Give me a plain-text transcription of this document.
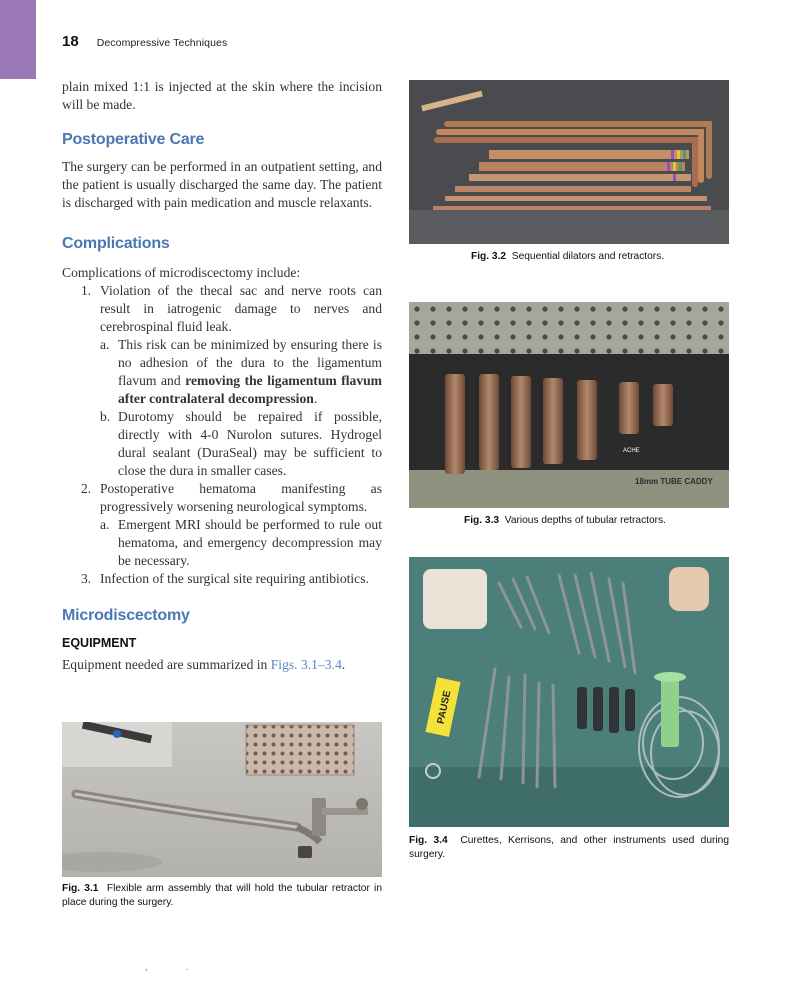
18 Decompressive Techniques

plain mixed 1:1 is injected at the skin where the incision will be made.

Postoperative Care

The surgery can be performed in an outpatient setting, and the patient is usually discharged the same day. The patient is discharged with pain medication and muscle relaxants.

Complications

Complications of microdiscectomy include:

1. Violation of the thecal sac and nerve roots can result in iatrogenic damage to nerves and cerebrospinal fluid leak.
a. This risk can be minimized by ensuring there is no adhesion of the dura to the ligamentum flavum and removing the ligamentum flavum after contralateral decompression.
b. Durotomy should be repaired if possible, directly with 4-0 Nurolon sutures. Hydrogel dural sealant (DuraSeal) may be sufficient to close the dura in smaller cases.
2. Postoperative hematoma manifesting as progressively worsening neurological symptoms.
a. Emergent MRI should be performed to rule out hematoma, and emergency decompression may be necessary.
3. Infection of the surgical site requiring antibiotics.
Microdiscectomy
EQUIPMENT

Equipment needed are summarized in Figs. 3.1–3.4.

Fig. 3.1 Flexible arm assembly that will hold the tubular retractor in place during the surgery.
Fig. 3.2 Sequential dilators and retractors.
ACHE
18mm TUBE CADDY
Fig. 3.3 Various depths of tubular retractors.
PAUSE
Fig. 3.4 Curettes, Kerrisons, and other instruments used during surgery.
, .
